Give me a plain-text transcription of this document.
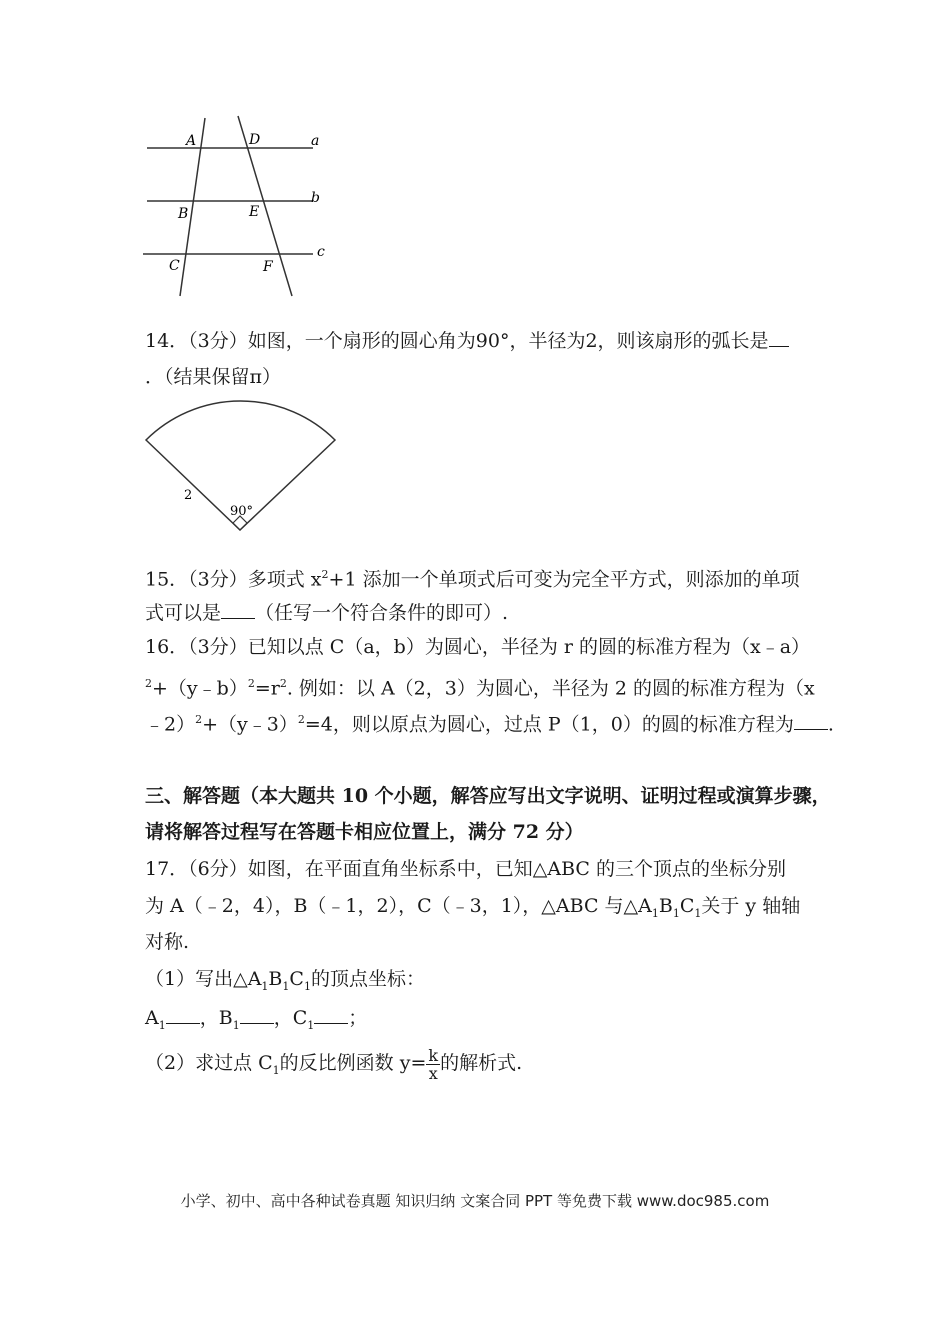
A	D	a
B	E
b
C	F
c
14．（3分）如图，一个扇形的圆心角为90°，半径为2，则该扇形的弧长是
．（结果保留π）
2
90°
15．（3分）多项式 $x^2+1$ 添加一个单项式后可变为完全平方式，则添加的单项
式可以是 （任写一个符合条件的即可）.
16．（3分）已知以点 C（a，b）为圆心，半径为 r 的圆的标准方程为（x﹣a）
$^2+(y﹣b)^2=r^2$. 例如：以 A（2，3）为圆心，半径为 2 的圆的标准方程为（x
﹣2）$^2$+（y﹣3）$^2$=4，则以原点为圆心，过点 P（1，0）的圆的标准方程为 .
三、解答题（本大题共 10 个小题，解答应写出文字说明、证明过程或演算步骤，
请将解答过程写在答题卡相应位置上，满分 72 分）
17．（6分）如图，在平面直角坐标系中，已知△ABC 的三个顶点的坐标分别
为 A（﹣2，4），B（﹣1，2），C（﹣3，1），△ABC 与$\triangle A_1B_1C_1$关于 y 轴轴
对称.
（1）写出$\triangle A_1B_1C_1$的顶点坐标：
$A_1$ ，$B_1$ ，$C_1$ ；
（2）求过点 $C_1$的反比例函数 $y= \frac{k}{x}$ 的解析式.
小学、初中、高中各种试卷真题 知识归纳 文案合同 PPT 等免费下载 www.doc985.com
